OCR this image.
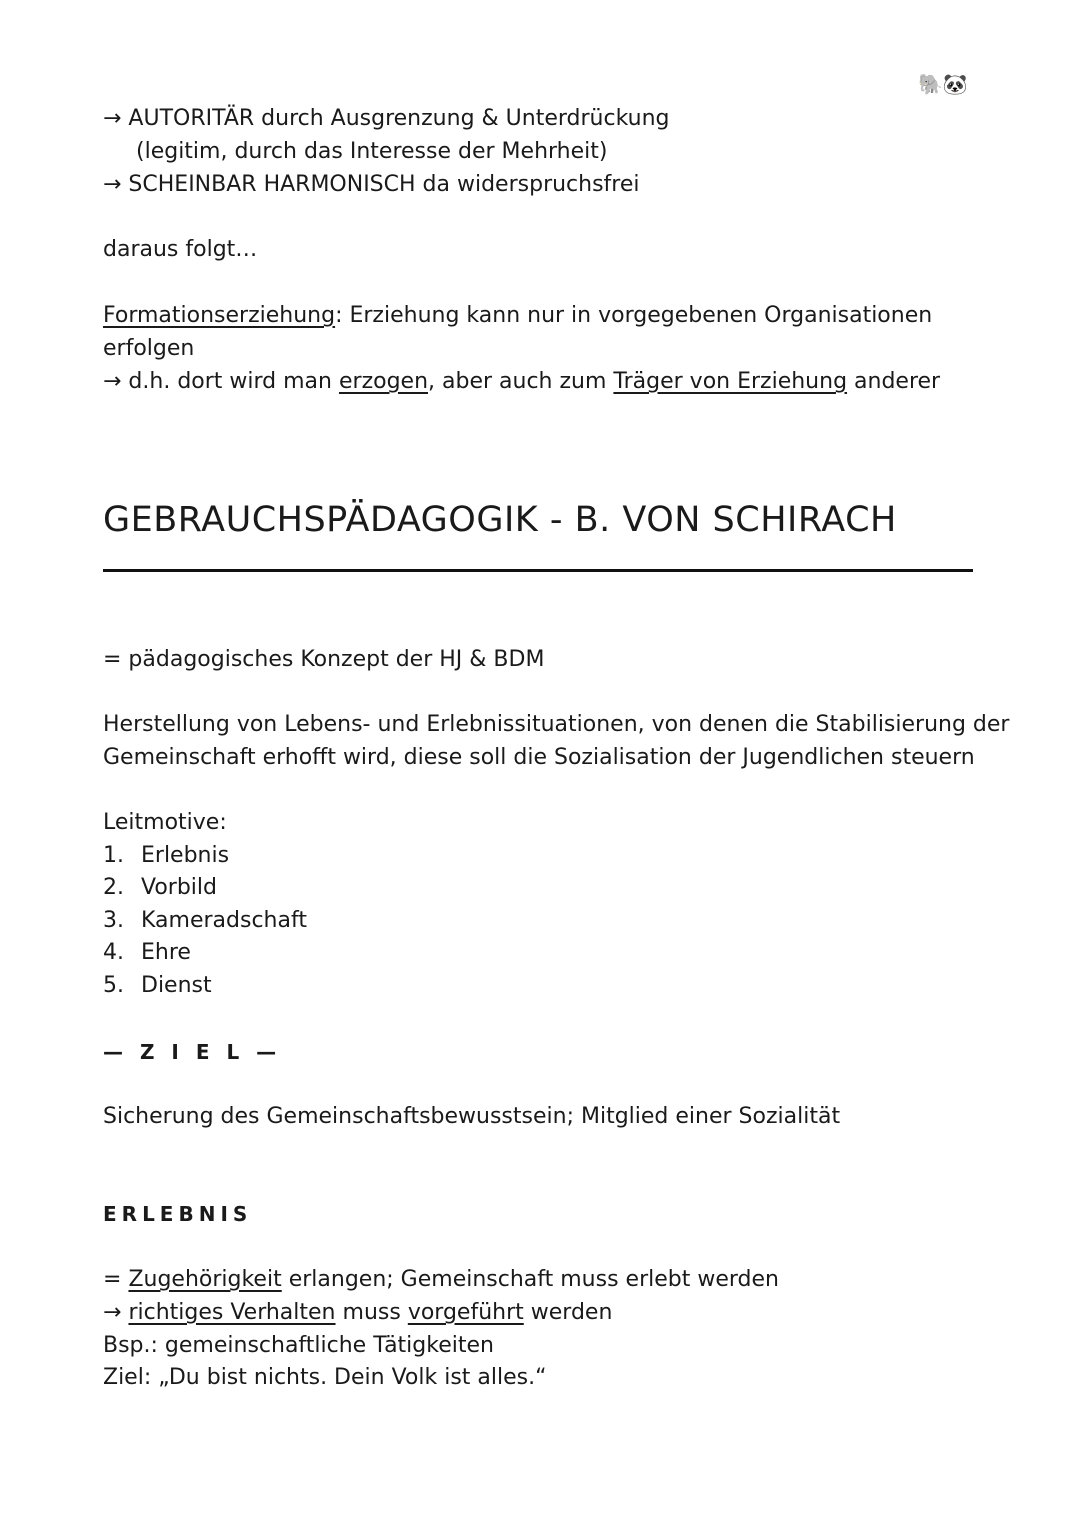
🐘🐼
→ AUTORITÄR durch Ausgrenzung & Unterdrückung
(legitim, durch das Interesse der Mehrheit)
→ SCHEINBAR HARMONISCH da widerspruchsfrei
daraus folgt…
Formationserziehung: Erziehung kann nur in vorgegebenen Organisationen
erfolgen
→ d.h. dort wird man erzogen, aber auch zum Träger von Erziehung anderer
GEBRAUCHSPÄDAGOGIK - B. VON SCHIRACH
= pädagogisches Konzept der HJ & BDM
Herstellung von Lebens- und Erlebnissituationen, von denen die Stabilisierung der
Gemeinschaft erhofft wird, diese soll die Sozialisation der Jugendlichen steuern
Leitmotive:
1. Erlebnis
2. Vorbild
3. Kameradschaft
4. Ehre
5. Dienst
— Z I E L —
Sicherung des Gemeinschaftsbewusstsein; Mitglied einer Sozialität
ERLEBNIS
= Zugehörigkeit erlangen; Gemeinschaft muss erlebt werden
→ richtiges Verhalten muss vorgeführt werden
Bsp.: gemeinschaftliche Tätigkeiten
Ziel: „Du bist nichts. Dein Volk ist alles.“
